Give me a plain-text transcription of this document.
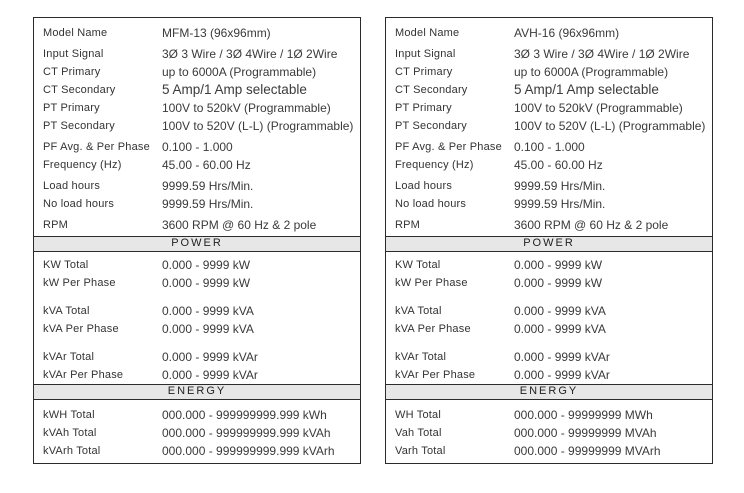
Model Name	MFM-13 (96x96mm)
Input Signal	3Ø 3 Wire / 3Ø 4Wire / 1Ø 2Wire
CT Primary	up to 6000A (Programmable)
CT Secondary	5 Amp/1 Amp selectable
PT Primary	100V to 520kV (Programmable)
PT Secondary	100V to 520V (L-L) (Programmable)
PF Avg. & Per Phase 0.100 - 1.000
Frequency (Hz)	45.00 - 60.00 Hz
Load hours	9999.59 Hrs/Min.
No load hours	9999.59 Hrs/Min.
RPM	3600 RPM @ 60 Hz & 2 pole
POWER
KW Total	0.000 - 9999 kW
kW Per Phase	0.000 - 9999 kW
kVA Total	0.000 - 9999 kVA
kVA Per Phase	0.000 - 9999 kVA
kVAr Total	0.000 - 9999 kVAr
kVAr Per Phase	0.000 - 9999 kVAr
ENERGY
kWH Total	000.000 - 999999999.999 kWh
kVAh Total	000.000 - 999999999.999 kVAh
kVArh Total	000.000 - 999999999.999 kVArh
Model Name	AVH-16 (96x96mm)
Input Signal	3Ø 3 Wire / 3Ø 4Wire / 1Ø 2Wire
CT Primary	up to 6000A (Programmable)
CT Secondary	5 Amp/1 Amp selectable
PT Primary	100V to 520kV (Programmable)
PT Secondary	100V to 520V (L-L) (Programmable)
PF Avg. & Per Phase 0.100 - 1.000
Frequency (Hz)	45.00 - 60.00 Hz
Load hours	9999.59 Hrs/Min.
No load hours	9999.59 Hrs/Min.
RPM	3600 RPM @ 60 Hz & 2 pole
POWER
KW Total	0.000 - 9999 kW
kW Per Phase	0.000 - 9999 kW
kVA Total	0.000 - 9999 kVA
kVA Per Phase	0.000 - 9999 kVA
kVAr Total	0.000 - 9999 kVAr
kVAr Per Phase	0.000 - 9999 kVAr
ENERGY
WH Total	000.000 - 99999999 MWh
Vah Total	000.000 - 99999999 MVAh
Varh Total	000.000 - 99999999 MVArh
